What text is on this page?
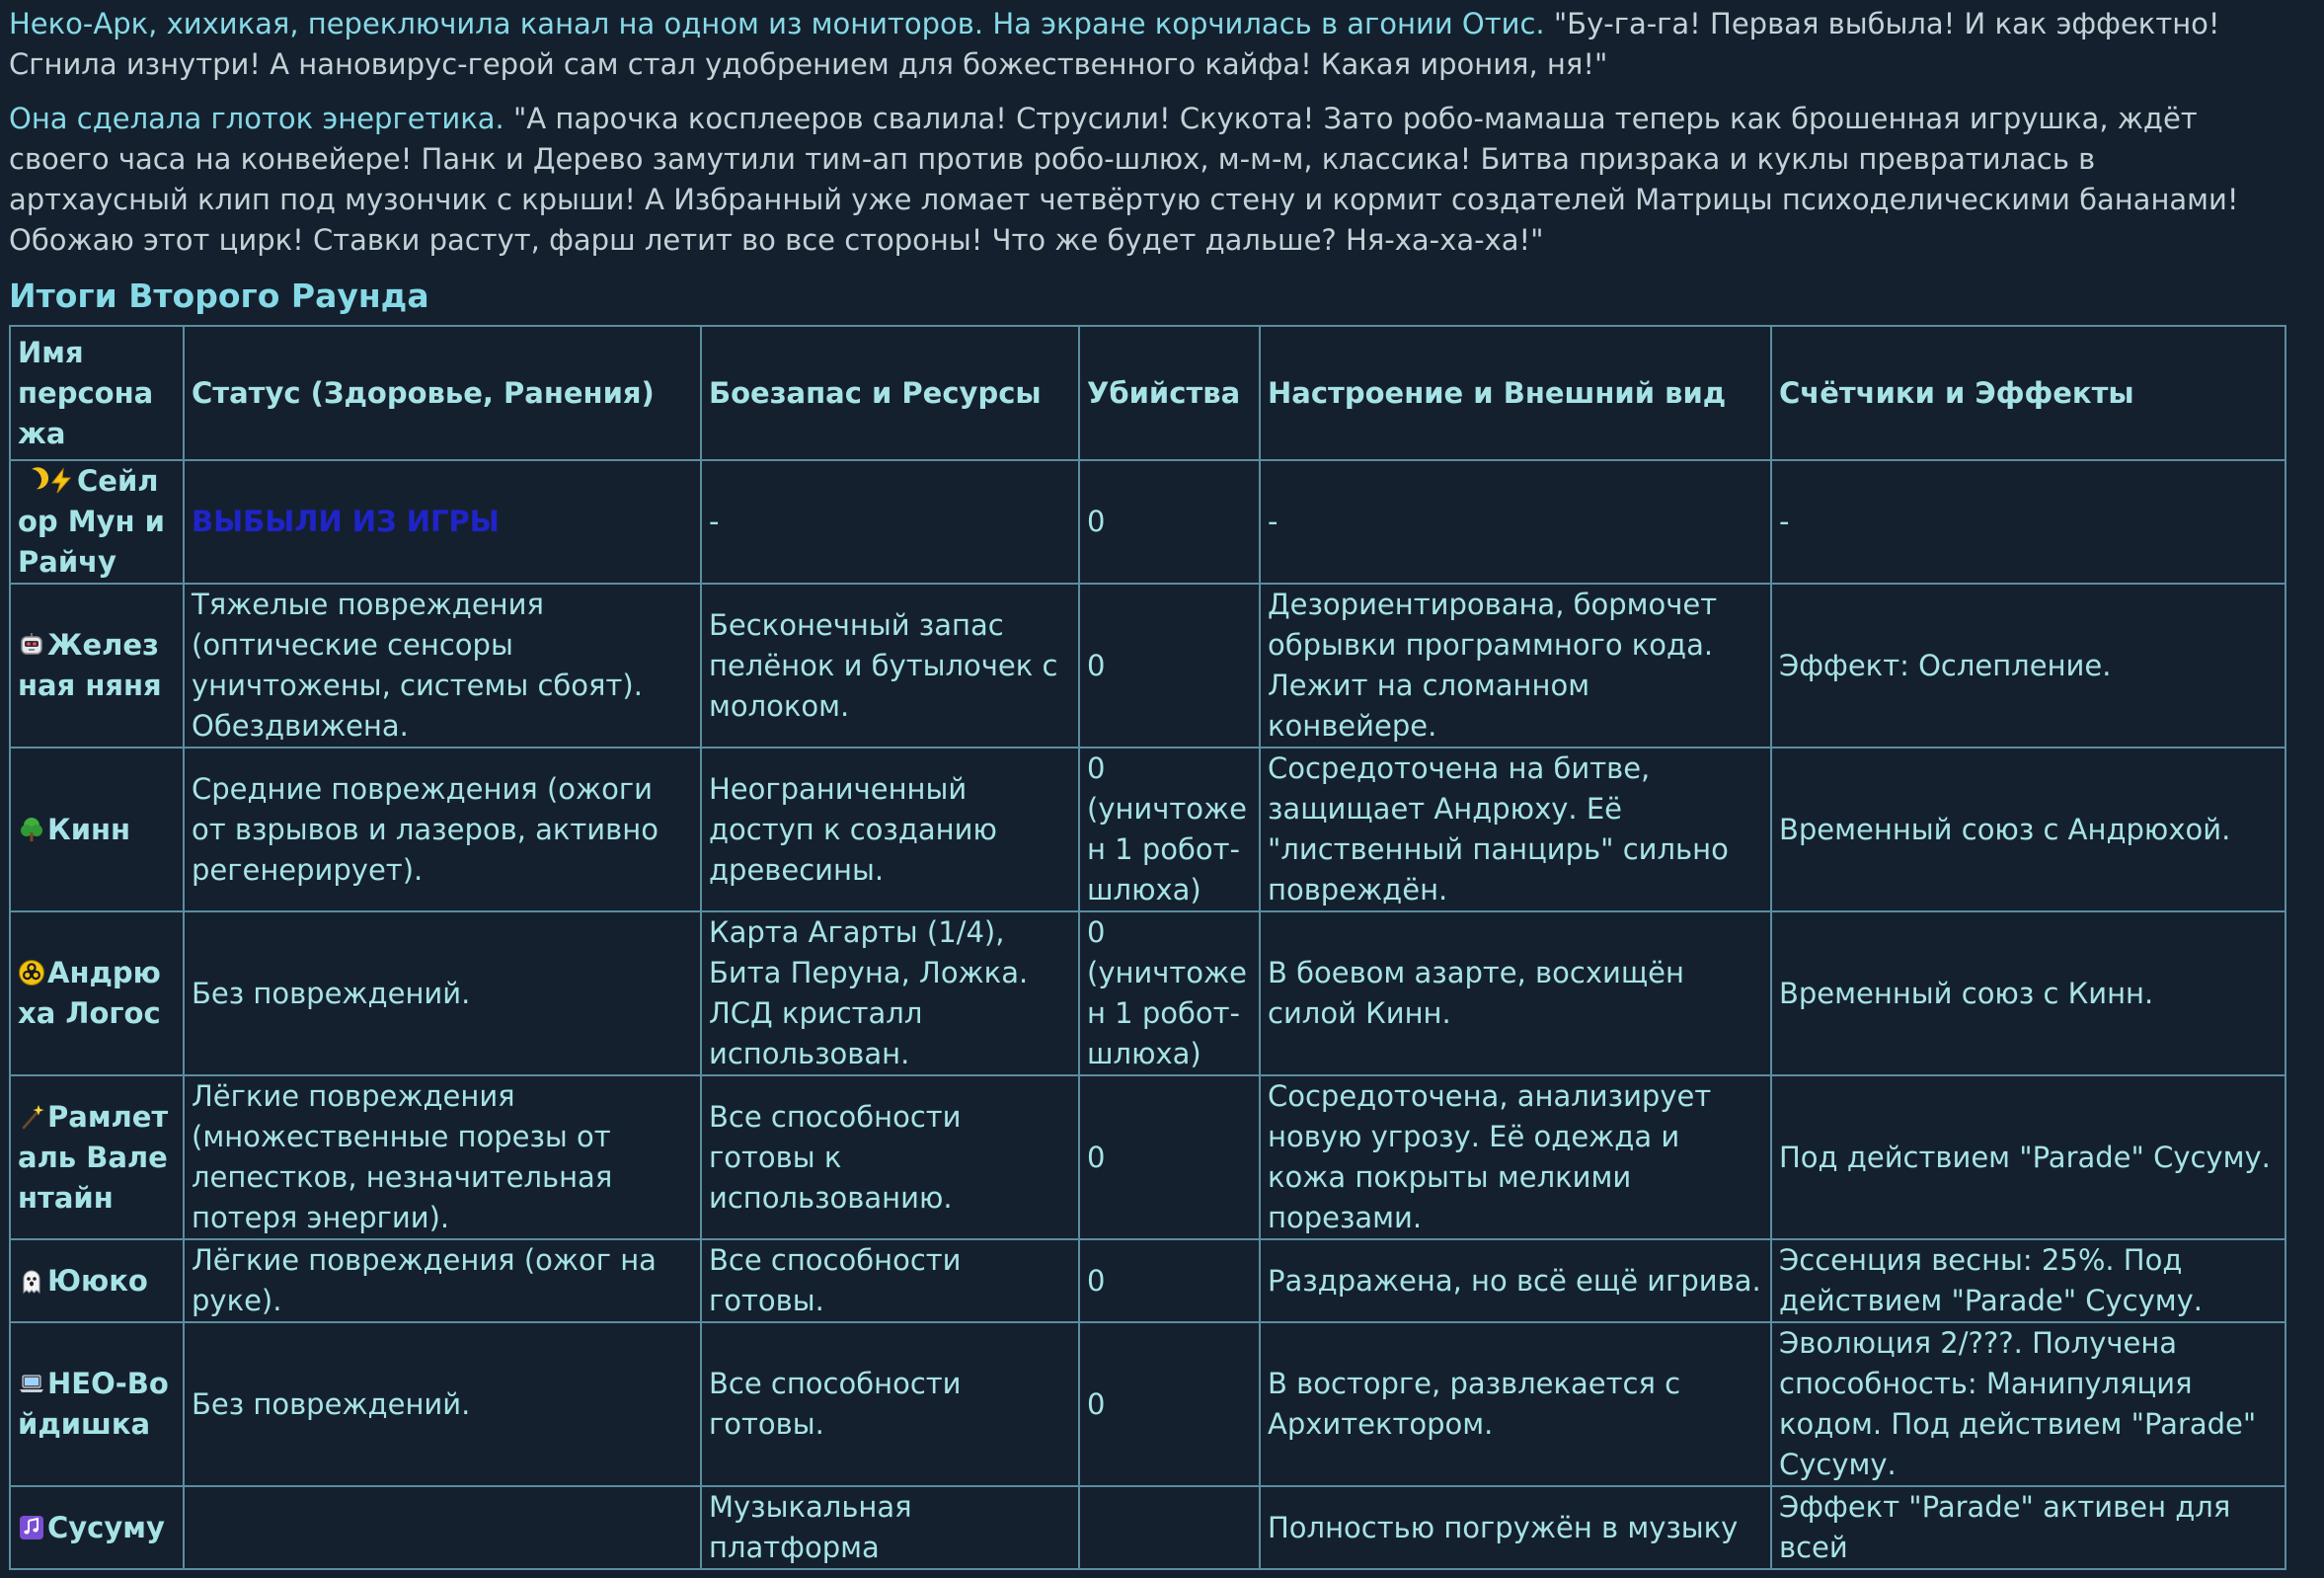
Неко-Арк, хихикая, переключила канал на одном из мониторов. На экране корчилась в агонии Отис. "Бу-га-га! Первая выбыла! И как эффектно! Сгнила изнутри! А нановирус-герой сам стал удобрением для божественного кайфа! Какая ирония, ня!"

Она сделала глоток энергетика. "А парочка косплееров свалила! Струсили! Скукота! Зато робо-мамаша теперь как брошенная игрушка, ждёт своего часа на конвейере! Панк и Дерево замутили тим-ап против робо-шлюх, м-м-м, классика! Битва призрака и куклы превратилась в артхаусный клип под музончик с крыши! А Избранный уже ломает четвёртую стену и кормит создателей Матрицы психоделическими бананами! Обожаю этот цирк! Ставки растут, фарш летит во все стороны! Что же будет дальше? Ня-ха-ха-ха!"

Итоги Второго Раунда
Имя персонажа	Статус (Здоровье, Ранения)	Боезапас и Ресурсы	Убийства	Настроение и Внешний вид	Счётчики и Эффекты

Сейлор Мун и Райчу	ВЫБЫЛИ ИЗ ИГРЫ	-	0	-	-

Железная няня	Тяжелые повреждения (оптические сенсоры уничтожены, системы сбоят). Обездвижена.	Бесконечный запас пелёнок и бутылочек с молоком.	0	Дезориентирована, бормочет обрывки программного кода. Лежит на сломанном конвейере.	Эффект: Ослепление.

Кинн	Средние повреждения (ожоги от взрывов и лазеров, активно регенерирует).	Неограниченный доступ к созданию древесины.	0 (уничтожен 1 робот-шлюха)	Сосредоточена на битве, защищает Андрюху. Её "лиственный панцирь" сильно повреждён.	Временный союз с Андрюхой.

Андрюха Логос	Без повреждений.	Карта Агарты (1/4), Бита Перуна, Ложка. ЛСД кристалл использован.	0 (уничтожен 1 робот-шлюха)	В боевом азарте, восхищён силой Кинн.	Временный союз с Кинн.

Рамлеталь Валентайн	Лёгкие повреждения (множественные порезы от лепестков, незначительная потеря энергии).	Все способности готовы к использованию.	0	Сосредоточена, анализирует новую угрозу. Её одежда и кожа покрыты мелкими порезами.	Под действием "Parade" Сусуму.

Ююко	Лёгкие повреждения (ожог на руке).	Все способности готовы.	0	Раздражена, но всё ещё игрива.	Эссенция весны: 25%. Под действием "Parade" Сусуму.

НЕО-Войдишка	Без повреждений.	Все способности готовы.	0	В восторге, развлекается с Архитектором.	Эволюция 2/???. Получена способность: Манипуляция кодом. Под действием "Parade" Сусуму.

Сусуму		Музыкальная платформа		Полностью погружён в музыку	Эффект "Parade" активен для всей
